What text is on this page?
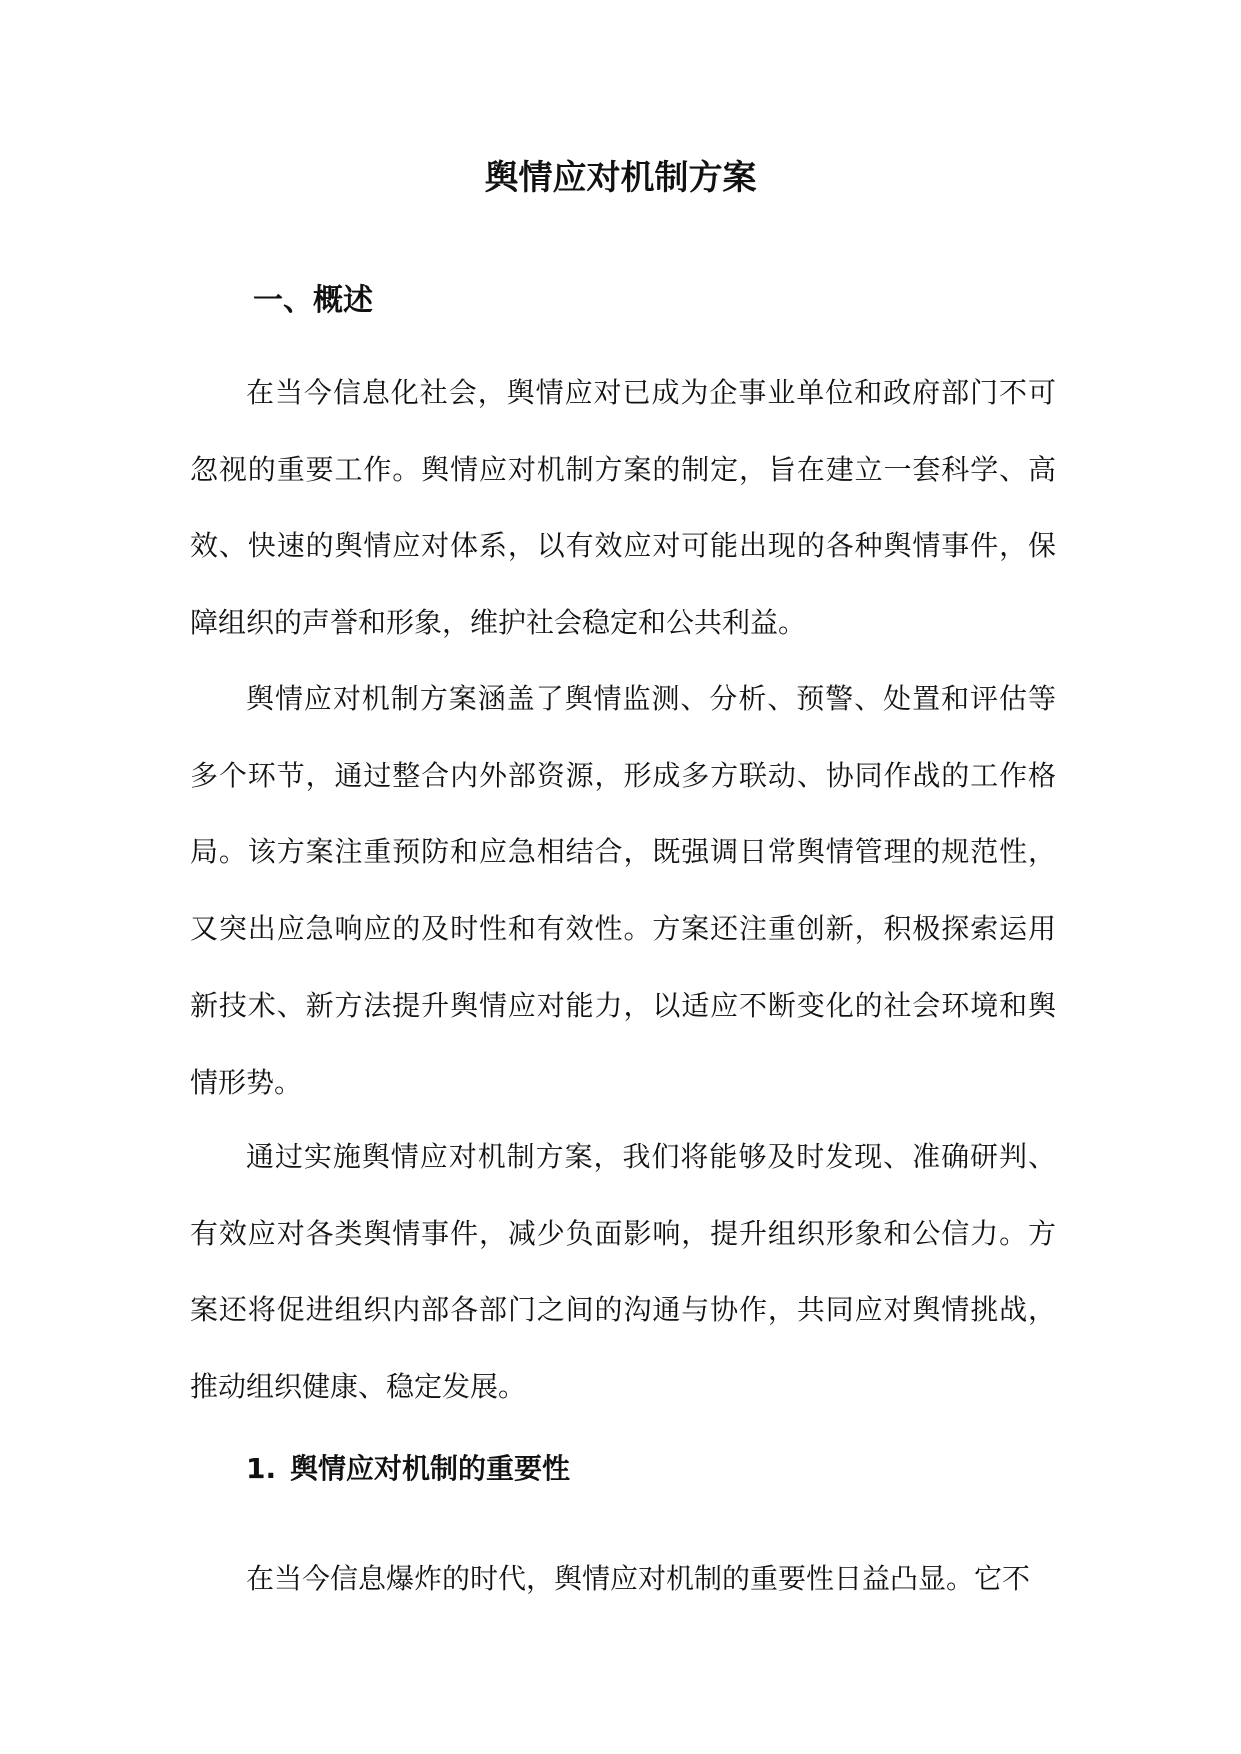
舆情应对机制方案
一、概述

在当今信息化社会，舆情应对已成为企事业单位和政府部门不可忽视的重要工作。舆情应对机制方案的制定，旨在建立一套科学、高效、快速的舆情应对体系，以有效应对可能出现的各种舆情事件，保障组织的声誉和形象，维护社会稳定和公共利益。

舆情应对机制方案涵盖了舆情监测、分析、预警、处置和评估等多个环节，通过整合内外部资源，形成多方联动、协同作战的工作格局。该方案注重预防和应急相结合，既强调日常舆情管理的规范性，又突出应急响应的及时性和有效性。方案还注重创新，积极探索运用新技术、新方法提升舆情应对能力，以适应不断变化的社会环境和舆情形势。

通过实施舆情应对机制方案，我们将能够及时发现、准确研判、有效应对各类舆情事件，减少负面影响，提升组织形象和公信力。方案还将促进组织内部各部门之间的沟通与协作，共同应对舆情挑战，推动组织健康、稳定发展。

1. 舆情应对机制的重要性

在当今信息爆炸的时代，舆情应对机制的重要性日益凸显。它不
